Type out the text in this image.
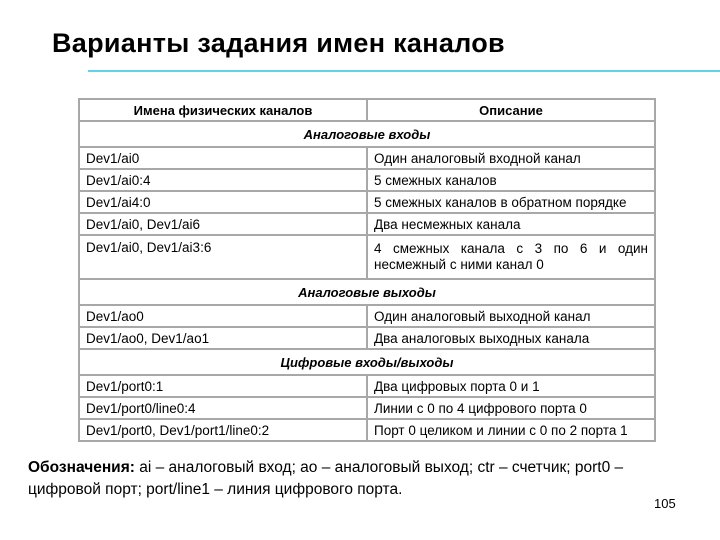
Варианты задания имен каналов
Имена физических каналов	Описание
Аналоговые входы	
Dev1/ai0	Один аналоговый входной канал
Dev1/ai0:4	5 смежных каналов
Dev1/ai4:0	5 смежных каналов в обратном порядке
Dev1/ai0, Dev1/ai6	Два несмежных канала
Dev1/ai0, Dev1/ai3:6	4 смежных канала с 3 по 6 и один несмежный с ними канал 0
Аналоговые выходы	
Dev1/ao0	Один аналоговый выходной канал
Dev1/ao0, Dev1/ao1	Два аналоговых выходных канала
Цифровые входы/выходы	
Dev1/port0:1	Два цифровых порта 0 и 1
Dev1/port0/line0:4	Линии с 0 по 4 цифрового порта 0
Dev1/port0, Dev1/port1/line0:2	Порт 0 целиком и линии с 0 по 2 порта 1
Обозначения: ai – аналоговый вход; ao – аналоговый выход; ctr – счетчик; port0 – цифровой порт; port/line1 – линия цифрового порта.
105
